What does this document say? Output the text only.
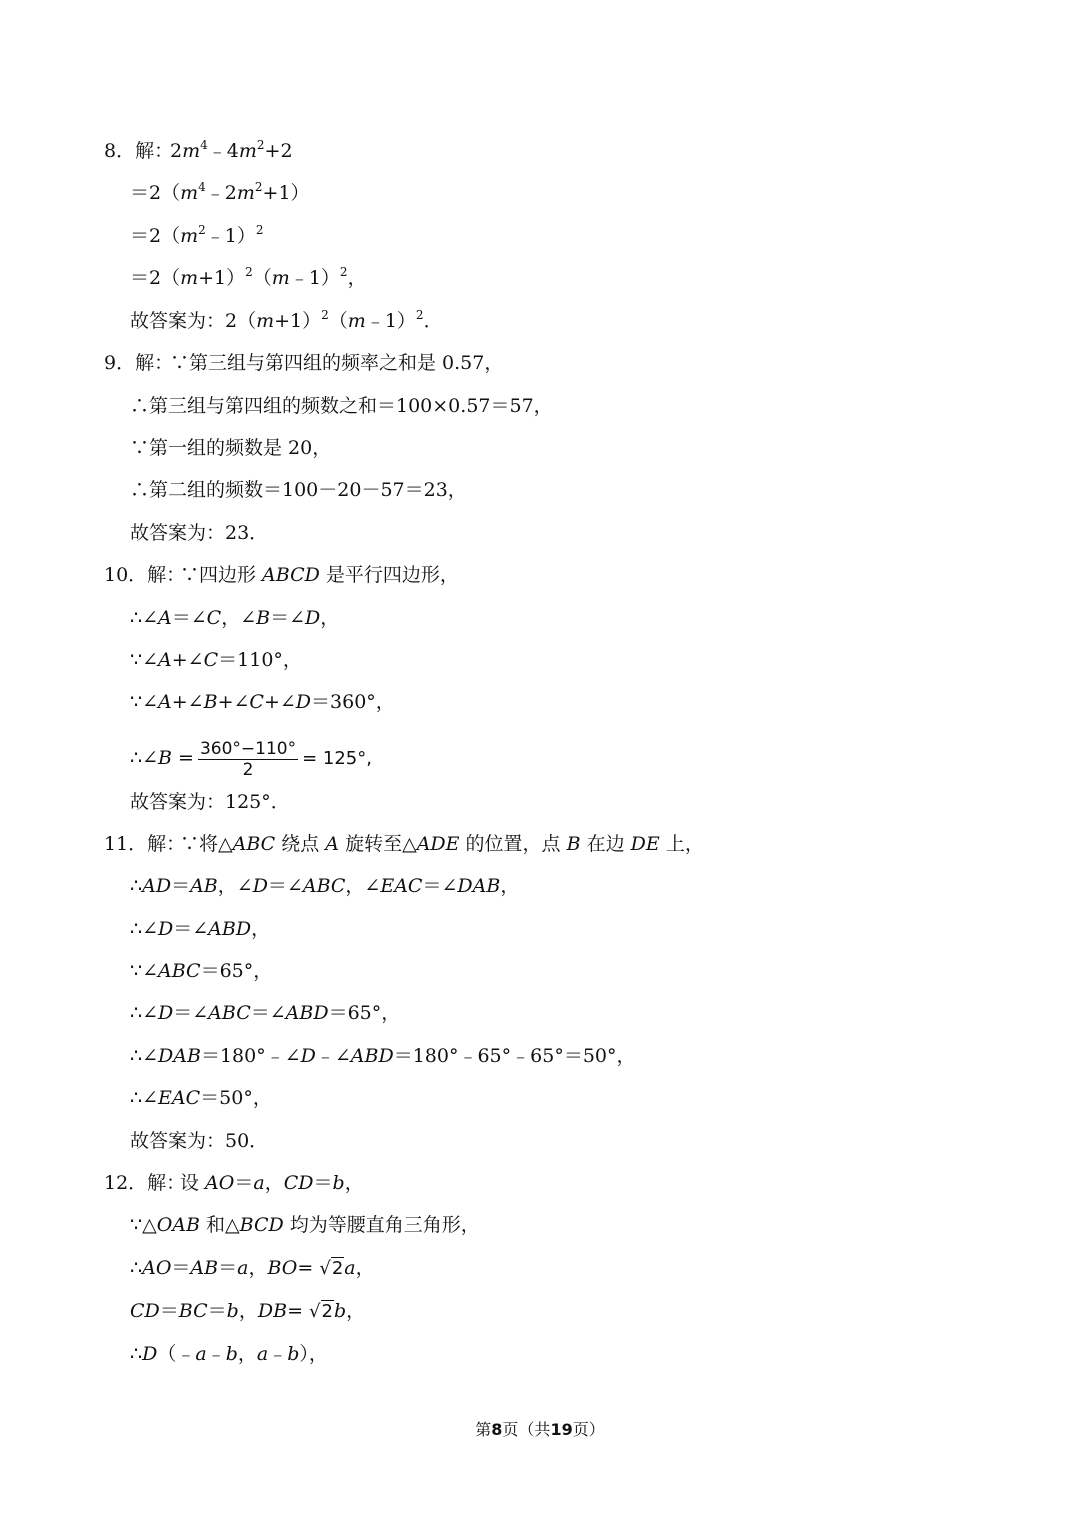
8．解：
$2m^4﹣4m^2+2$
$=2(m^4﹣2m^2+1)$
$=2(m^2﹣1)^2$
$=2(m+1)^2(m﹣1)^2$，
故答案为：$2(m+1)^2(m﹣1)^2$．
9．解：
∵第三组与第四组的频率之和是 0.57，
∴第三组与第四组的频数之和＝100×0.57＝57，
∵第一组的频数是 20，
∴第二组的频数＝100－20－57＝23，
故答案为：23．
10．解：
∵四边形 ABCD 是平行四边形，
∴∠A＝∠C，∠B＝∠D，
∵∠A+∠C＝110°，
∵∠A+∠B+∠C+∠D＝360°，
∴∠B = $\frac{360^\circ-110^\circ}{2} = 125^\circ$,
故答案为：125°．
11．解：
∵将△ABC 绕点 A 旋转至△ADE 的位置，点 B 在边 DE 上，
∴AD＝AB，∠D＝∠ABC，∠EAC＝∠DAB，
∴∠D＝∠ABD，
∵∠ABC＝65°，
∴∠D＝∠ABC＝∠ABD＝65°，
∴∠DAB＝180°﹣∠D﹣∠ABD＝180°﹣65°﹣65°＝50°，
∴∠EAC＝50°，
故答案为：50．
12．解：
设 AO＝a，CD＝b，
∵△OAB 和△BCD 均为等腰直角三角形，
∴AO＝AB＝a，BO= √2a，
CD＝BC＝b，DB= √2b，
∴D（﹣a﹣b，a﹣b），
第8页（共19页）
